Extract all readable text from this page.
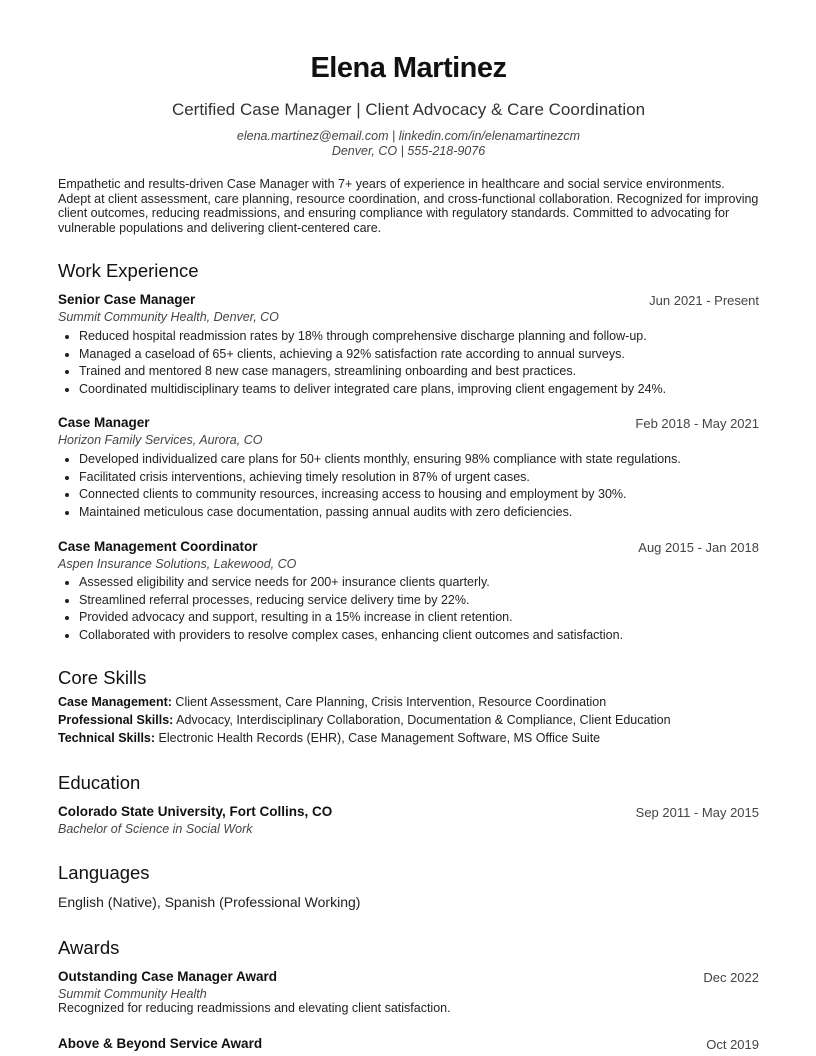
Elena Martinez
Certified Case Manager | Client Advocacy & Care Coordination
elena.martinez@email.com | linkedin.com/in/elenamartinezcm
Denver, CO | 555-218-9076
Empathetic and results-driven Case Manager with 7+ years of experience in healthcare and social service environments. Adept at client assessment, care planning, resource coordination, and cross-functional collaboration. Recognized for improving client outcomes, reducing readmissions, and ensuring compliance with regulatory standards. Committed to advocating for vulnerable populations and delivering client-centered care.
Work Experience
Senior Case Manager	Jun 2021 - Present
Summit Community Health, Denver, CO
• Reduced hospital readmission rates by 18% through comprehensive discharge planning and follow-up.
• Managed a caseload of 65+ clients, achieving a 92% satisfaction rate according to annual surveys.
• Trained and mentored 8 new case managers, streamlining onboarding and best practices.
• Coordinated multidisciplinary teams to deliver integrated care plans, improving client engagement by 24%.
Case Manager	Feb 2018 - May 2021
Horizon Family Services, Aurora, CO
• Developed individualized care plans for 50+ clients monthly, ensuring 98% compliance with state regulations.
• Facilitated crisis interventions, achieving timely resolution in 87% of urgent cases.
• Connected clients to community resources, increasing access to housing and employment by 30%.
• Maintained meticulous case documentation, passing annual audits with zero deficiencies.
Case Management Coordinator	Aug 2015 - Jan 2018
Aspen Insurance Solutions, Lakewood, CO
• Assessed eligibility and service needs for 200+ insurance clients quarterly.
• Streamlined referral processes, reducing service delivery time by 22%.
• Provided advocacy and support, resulting in a 15% increase in client retention.
• Collaborated with providers to resolve complex cases, enhancing client outcomes and satisfaction.
Core Skills
Case Management: Client Assessment, Care Planning, Crisis Intervention, Resource Coordination
Professional Skills: Advocacy, Interdisciplinary Collaboration, Documentation & Compliance, Client Education
Technical Skills: Electronic Health Records (EHR), Case Management Software, MS Office Suite
Education
Colorado State University, Fort Collins, CO	Sep 2011 - May 2015
Bachelor of Science in Social Work
Languages
English (Native), Spanish (Professional Working)
Awards
Outstanding Case Manager Award	Dec 2022
Summit Community Health
Recognized for reducing readmissions and elevating client satisfaction.
Above & Beyond Service Award	Oct 2019
